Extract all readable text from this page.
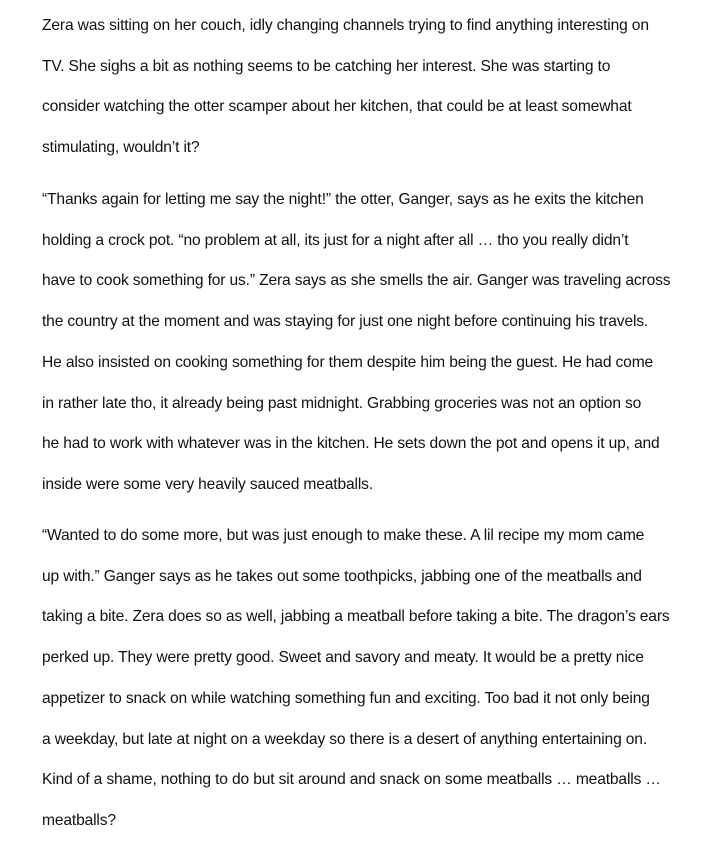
Zera was sitting on her couch, idly changing channels trying to find anything interesting on
TV. She sighs a bit as nothing seems to be catching her interest. She was starting to
consider watching the otter scamper about her kitchen, that could be at least somewhat
stimulating, wouldn’t it?

“Thanks again for letting me say the night!” the otter, Ganger, says as he exits the kitchen
holding a crock pot. “no problem at all, its just for a night after all … tho you really didn’t
have to cook something for us.” Zera says as she smells the air. Ganger was traveling across
the country at the moment and was staying for just one night before continuing his travels.
He also insisted on cooking something for them despite him being the guest. He had come
in rather late tho, it already being past midnight. Grabbing groceries was not an option so
he had to work with whatever was in the kitchen. He sets down the pot and opens it up, and
inside were some very heavily sauced meatballs.

“Wanted to do some more, but was just enough to make these. A lil recipe my mom came
up with.” Ganger says as he takes out some toothpicks, jabbing one of the meatballs and
taking a bite. Zera does so as well, jabbing a meatball before taking a bite. The dragon’s ears
perked up. They were pretty good. Sweet and savory and meaty. It would be a pretty nice
appetizer to snack on while watching something fun and exciting. Too bad it not only being
a weekday, but late at night on a weekday so there is a desert of anything entertaining on.
Kind of a shame, nothing to do but sit around and snack on some meatballs … meatballs …
meatballs?
